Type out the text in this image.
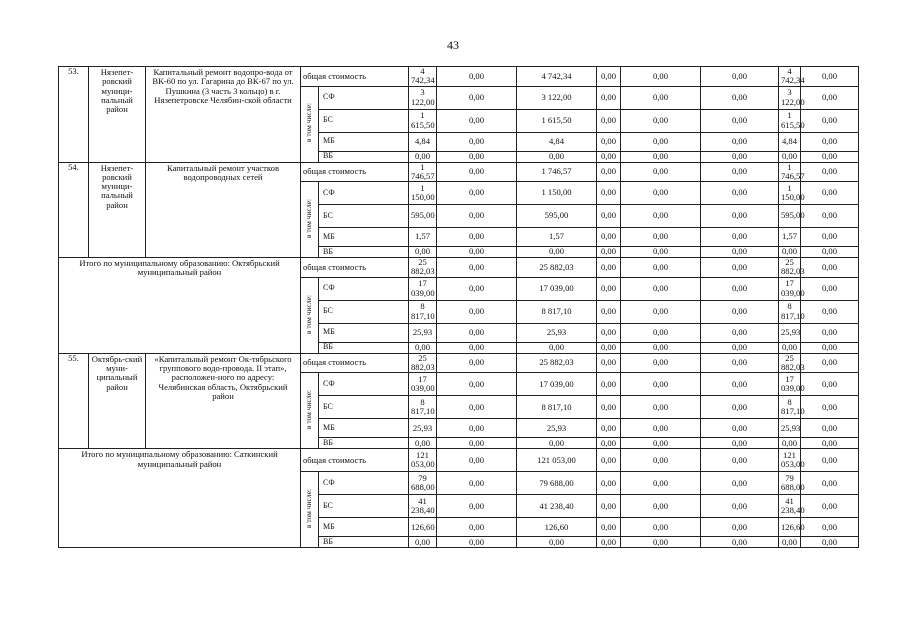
43
53.	Нязепет-ровский муници-пальный район	Капитальный ремонт водопро-вода от ВК-60 по ул. Гагарина до ВК-67 по ул. Пушкина (3 часть 3 кольцо) в г. Нязепетровске Челябин-ской области	общая стоимость		4 742,34	0,00	4 742,34	0,00	0,00	0,00	4 742,34	0,00	
			в том числе:	СФ	3 122,00	0,00	3 122,00	0,00	0,00	0,00	3 122,00	0,00	
				БС	1 615,50	0,00	1 615,50	0,00	0,00	0,00	1 615,50	0,00	
				МБ	4,84	0,00	4,84	0,00	0,00	0,00	4,84	0,00	
				ВБ	0,00	0,00	0,00	0,00	0,00	0,00	0,00	0,00	
54.	Нязепет-ровский муници-пальный район	Капитальный ремонт участков водопроводных сетей	общая стоимость		1 746,57	0,00	1 746,57	0,00	0,00	0,00	1 746,57	0,00	
			в том числе:	СФ	1 150,00	0,00	1 150,00	0,00	0,00	0,00	1 150,00	0,00	
				БС	595,00	0,00	595,00	0,00	0,00	0,00	595,00	0,00	
				МБ	1,57	0,00	1,57	0,00	0,00	0,00	1,57	0,00	
				ВБ	0,00	0,00	0,00	0,00	0,00	0,00	0,00	0,00	
Итого по муниципальному образованию: Октябрьский муниципальный район			общая стоимость		25 882,03	0,00	25 882,03	0,00	0,00	0,00	25 882,03	0,00	
			в том числе:	СФ	17 039,00	0,00	17 039,00	0,00	0,00	0,00	17 039,00	0,00	
				БС	8 817,10	0,00	8 817,10	0,00	0,00	0,00	8 817,10	0,00	
				МБ	25,93	0,00	25,93	0,00	0,00	0,00	25,93	0,00	
				ВБ	0,00	0,00	0,00	0,00	0,00	0,00	0,00	0,00	
55.	Октябрь-ский муни-ципальный район	«Капитальный ремонт Ок-тябрьского группового водо-провода. II этап», расположен-ного по адресу: Челябинская область, Октябрьский район	общая стоимость		25 882,03	0,00	25 882,03	0,00	0,00	0,00	25 882,03	0,00	
			в том числе:	СФ	17 039,00	0,00	17 039,00	0,00	0,00	0,00	17 039,00	0,00	
				БС	8 817,10	0,00	8 817,10	0,00	0,00	0,00	8 817,10	0,00	
				МБ	25,93	0,00	25,93	0,00	0,00	0,00	25,93	0,00	
				ВБ	0,00	0,00	0,00	0,00	0,00	0,00	0,00	0,00	
Итого по муниципальному образованию: Саткинский муниципальный район			общая стоимость		121 053,00	0,00	121 053,00	0,00	0,00	0,00	121 053,00	0,00	
			в том числе:	СФ	79 688,00	0,00	79 688,00	0,00	0,00	0,00	79 688,00	0,00	
				БС	41 238,40	0,00	41 238,40	0,00	0,00	0,00	41 238,40	0,00	
				МБ	126,60	0,00	126,60	0,00	0,00	0,00	126,60	0,00	
				ВБ	0,00	0,00	0,00	0,00	0,00	0,00	0,00	0,00	
